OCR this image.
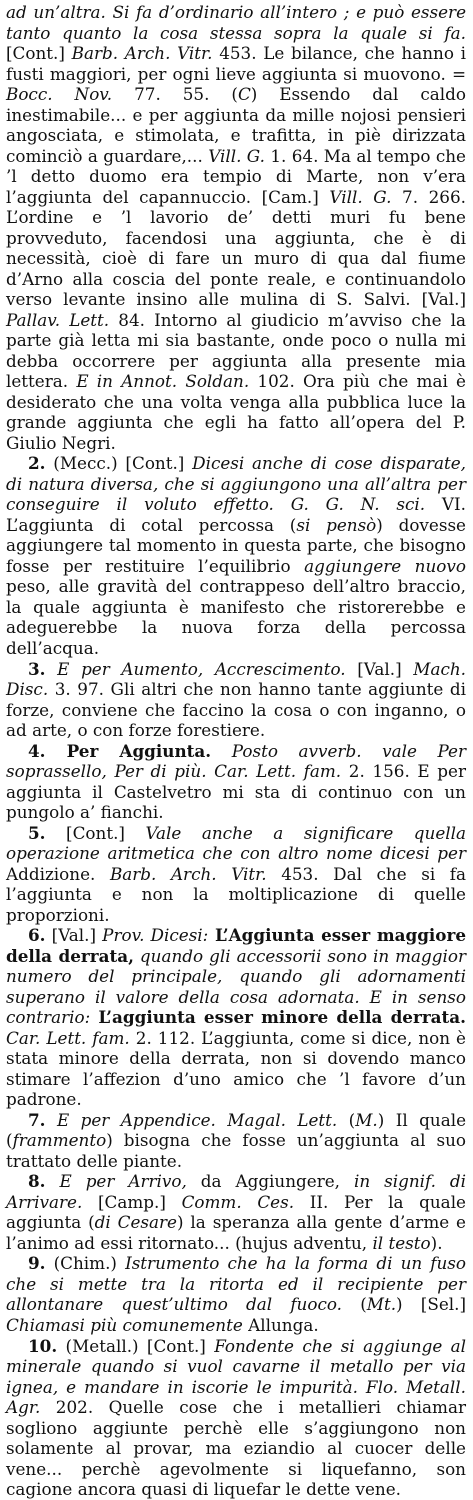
ad un’altra. Si fa d’ordinario all’intero ; e può essere tanto quanto la cosa stessa sopra la quale si fa. [Cont.] Barb. Arch. Vitr. 453. Le bilance, che hanno i fusti maggiori, per ogni lieve aggiunta si muovono. = Bocc. Nov. 77. 55. (C) Essendo dal caldo inestimabile... e per aggiunta da mille nojosi pensieri angosciata, e stimolata, e trafitta, in piè dirizzata cominciò a guardare,... Vill. G. 1. 64. Ma al tempo che ’l detto duomo era tempio di Marte, non v’era l’aggiunta del capannuccio. [Cam.] Vill. G. 7. 266. L’ordine e ’l lavorio de’ detti muri fu bene provveduto, facendosi una aggiunta, che è di necessità, cioè di fare un muro di qua dal fiume d’Arno alla coscia del ponte reale, e continuandolo verso levante insino alle mulina di S. Salvi. [Val.] Pallav. Lett. 84. Intorno al giudicio m’avviso che la parte già letta mi sia bastante, onde poco o nulla mi debba occorrere per aggiunta alla presente mia lettera. E in Annot. Soldan. 102. Ora più che mai è desiderato che una volta venga alla pubblica luce la grande aggiunta che egli ha fatto all’opera del P. Giulio Negri.
2. (Mecc.) [Cont.] Dicesi anche di cose disparate, di natura diversa, che si aggiungono una all’altra per conseguire il voluto effetto. G. G. N. sci. VI. L’aggiunta di cotal percossa (si pensò) dovesse aggiungere tal momento in questa parte, che bisogno fosse per restituire l’equilibrio aggiungere nuovo peso, alle gravità del contrappeso dell’altro braccio, la quale aggiunta è manifesto che ristorerebbe e adeguerebbe la nuova forza della percossa dell’acqua.
3. E per Aumento, Accrescimento. [Val.] Mach. Disc. 3. 97. Gli altri che non hanno tante aggiunte di forze, conviene che faccino la cosa o con inganno, o ad arte, o con forze forestiere.
4. Per Aggiunta. Posto avverb. vale Per soprassello, Per di più. Car. Lett. fam. 2. 156. E per aggiunta il Castelvetro mi sta di continuo con un pungolo a’ fianchi.
5. [Cont.] Vale anche a significare quella operazione aritmetica che con altro nome dicesi per Addizione. Barb. Arch. Vitr. 453. Dal che si fa l’aggiunta e non la moltiplicazione di quelle proporzioni.
6. [Val.] Prov. Dicesi: L’Aggiunta esser maggiore della derrata, quando gli accessorii sono in maggior numero del principale, quando gli adornamenti superano il valore della cosa adornata. E in senso contrario: L’aggiunta esser minore della derrata. Car. Lett. fam. 2. 112. L’aggiunta, come si dice, non è stata minore della derrata, non si dovendo manco stimare l’affezion d’uno amico che ’l favore d’un padrone.
7. E per Appendice. Magal. Lett. (M.) Il quale (frammento) bisogna che fosse un’aggiunta al suo trattato delle piante.
8. E per Arrivo, da Aggiungere, in signif. di Arrivare. [Camp.] Comm. Ces. II. Per la quale aggiunta (di Cesare) la speranza alla gente d’arme e l’animo ad essi ritornato... (hujus adventu, il testo).
9. (Chim.) Istrumento che ha la forma di un fuso che si mette tra la ritorta ed il recipiente per allontanare quest’ultimo dal fuoco. (Mt.) [Sel.] Chiamasi più comunemente Allunga.
10. (Metall.) [Cont.] Fondente che si aggiunge al minerale quando si vuol cavarne il metallo per via ignea, e mandare in iscorie le impurità. Flo. Metall. Agr. 202. Quelle cose che i metallieri chiamar sogliono aggiunte perchè elle s’aggiungono non solamente al provar, ma eziandio al cuocer delle vene... perchè agevolmente si liquefanno, son cagione ancora quasi di liquefar le dette vene.
